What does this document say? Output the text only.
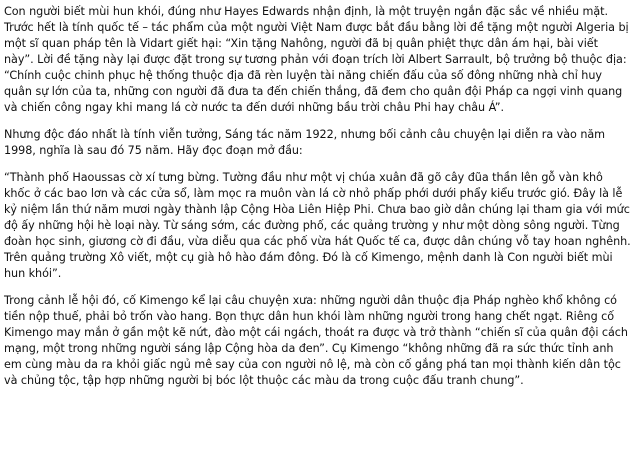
Con người biết mùi hun khói, đúng như Hayes Edwards nhận định, là một truyện ngắn đặc sắc về nhiều mặt. Trước hết là tính quốc tế – tác phẩm của một người Việt Nam được bắt đầu bằng lời đề tặng một người Algeria bị một sĩ quan pháp tên là Vidart giết hại: “Xin tặng Nahông, người đã bị quân phiệt thực dân ám hại, bài viết này”. Lời đề tặng này lại được đặt trong sự tương phản với đoạn trích lời Albert Sarrault, bộ trưởng bộ thuộc địa: “Chính cuộc chinh phục hệ thống thuộc địa đã rèn luyện tài năng chiến đấu của số đông những nhà chỉ huy quân sự lớn của ta, những con người đã đưa ta đến chiến thắng, đã đem cho quân đội Pháp ca ngợi vinh quang và chiến công ngay khi mang lá cờ nước ta đến dưới những bầu trời châu Phi hay châu Á”.

Nhưng độc đáo nhất là tính viễn tưởng, Sáng tác năm 1922, nhưng bối cảnh câu chuyện lại diễn ra vào năm 1998, nghĩa là sau đó 75 năm. Hãy đọc đoạn mở đầu:

“Thành phố Haoussas cờ xí tưng bừng. Tường đầu như một vị chúa xuân đã gõ cây đũa thần lên gỗ vàn khô khốc ở các bao lơn và các cửa sổ, làm mọc ra muôn vàn lá cờ nhỏ phấp phới dưới phẩy kiểu trước gió. Đây là lễ kỷ niệm lần thứ năm mươi ngày thành lập Cộng Hòa Liên Hiệp Phi. Chưa bao giờ dân chúng lại tham gia với mức độ ấy những hội hè loại này. Từ sáng sớm, các đường phố, các quảng trường y như một dòng sông người. Từng đoàn học sinh, giương cờ đi đầu, vừa diễu qua các phố vừa hát Quốc tế ca, được dân chúng vỗ tay hoan nghênh. Trên quảng trường Xô viết, một cụ già hô hào đám đông. Đó là cố Kimengo, mệnh danh là Con người biết mùi hun khói”.

Trong cảnh lễ hội đó, cố Kimengo kể lại câu chuyện xưa: những người dân thuộc địa Pháp nghèo khổ không có tiền nộp thuế, phải bỏ trốn vào hang. Bọn thực dân hun khói làm những người trong hang chết ngạt. Riêng cố Kimengo may mắn ở gần một kẽ nứt, đào một cái ngách, thoát ra được và trở thành “chiến sĩ của quân đội cách mạng, một trong những người sáng lập Cộng hòa da đen”. Cụ Kimengo “không những đã ra sức thức tỉnh anh em cùng màu da ra khỏi giấc ngủ mê say của con người nô lệ, mà còn cố gắng phá tan mọi thành kiến dân tộc và chủng tộc, tập hợp những người bị bóc lột thuộc các màu da trong cuộc đấu tranh chung”.
